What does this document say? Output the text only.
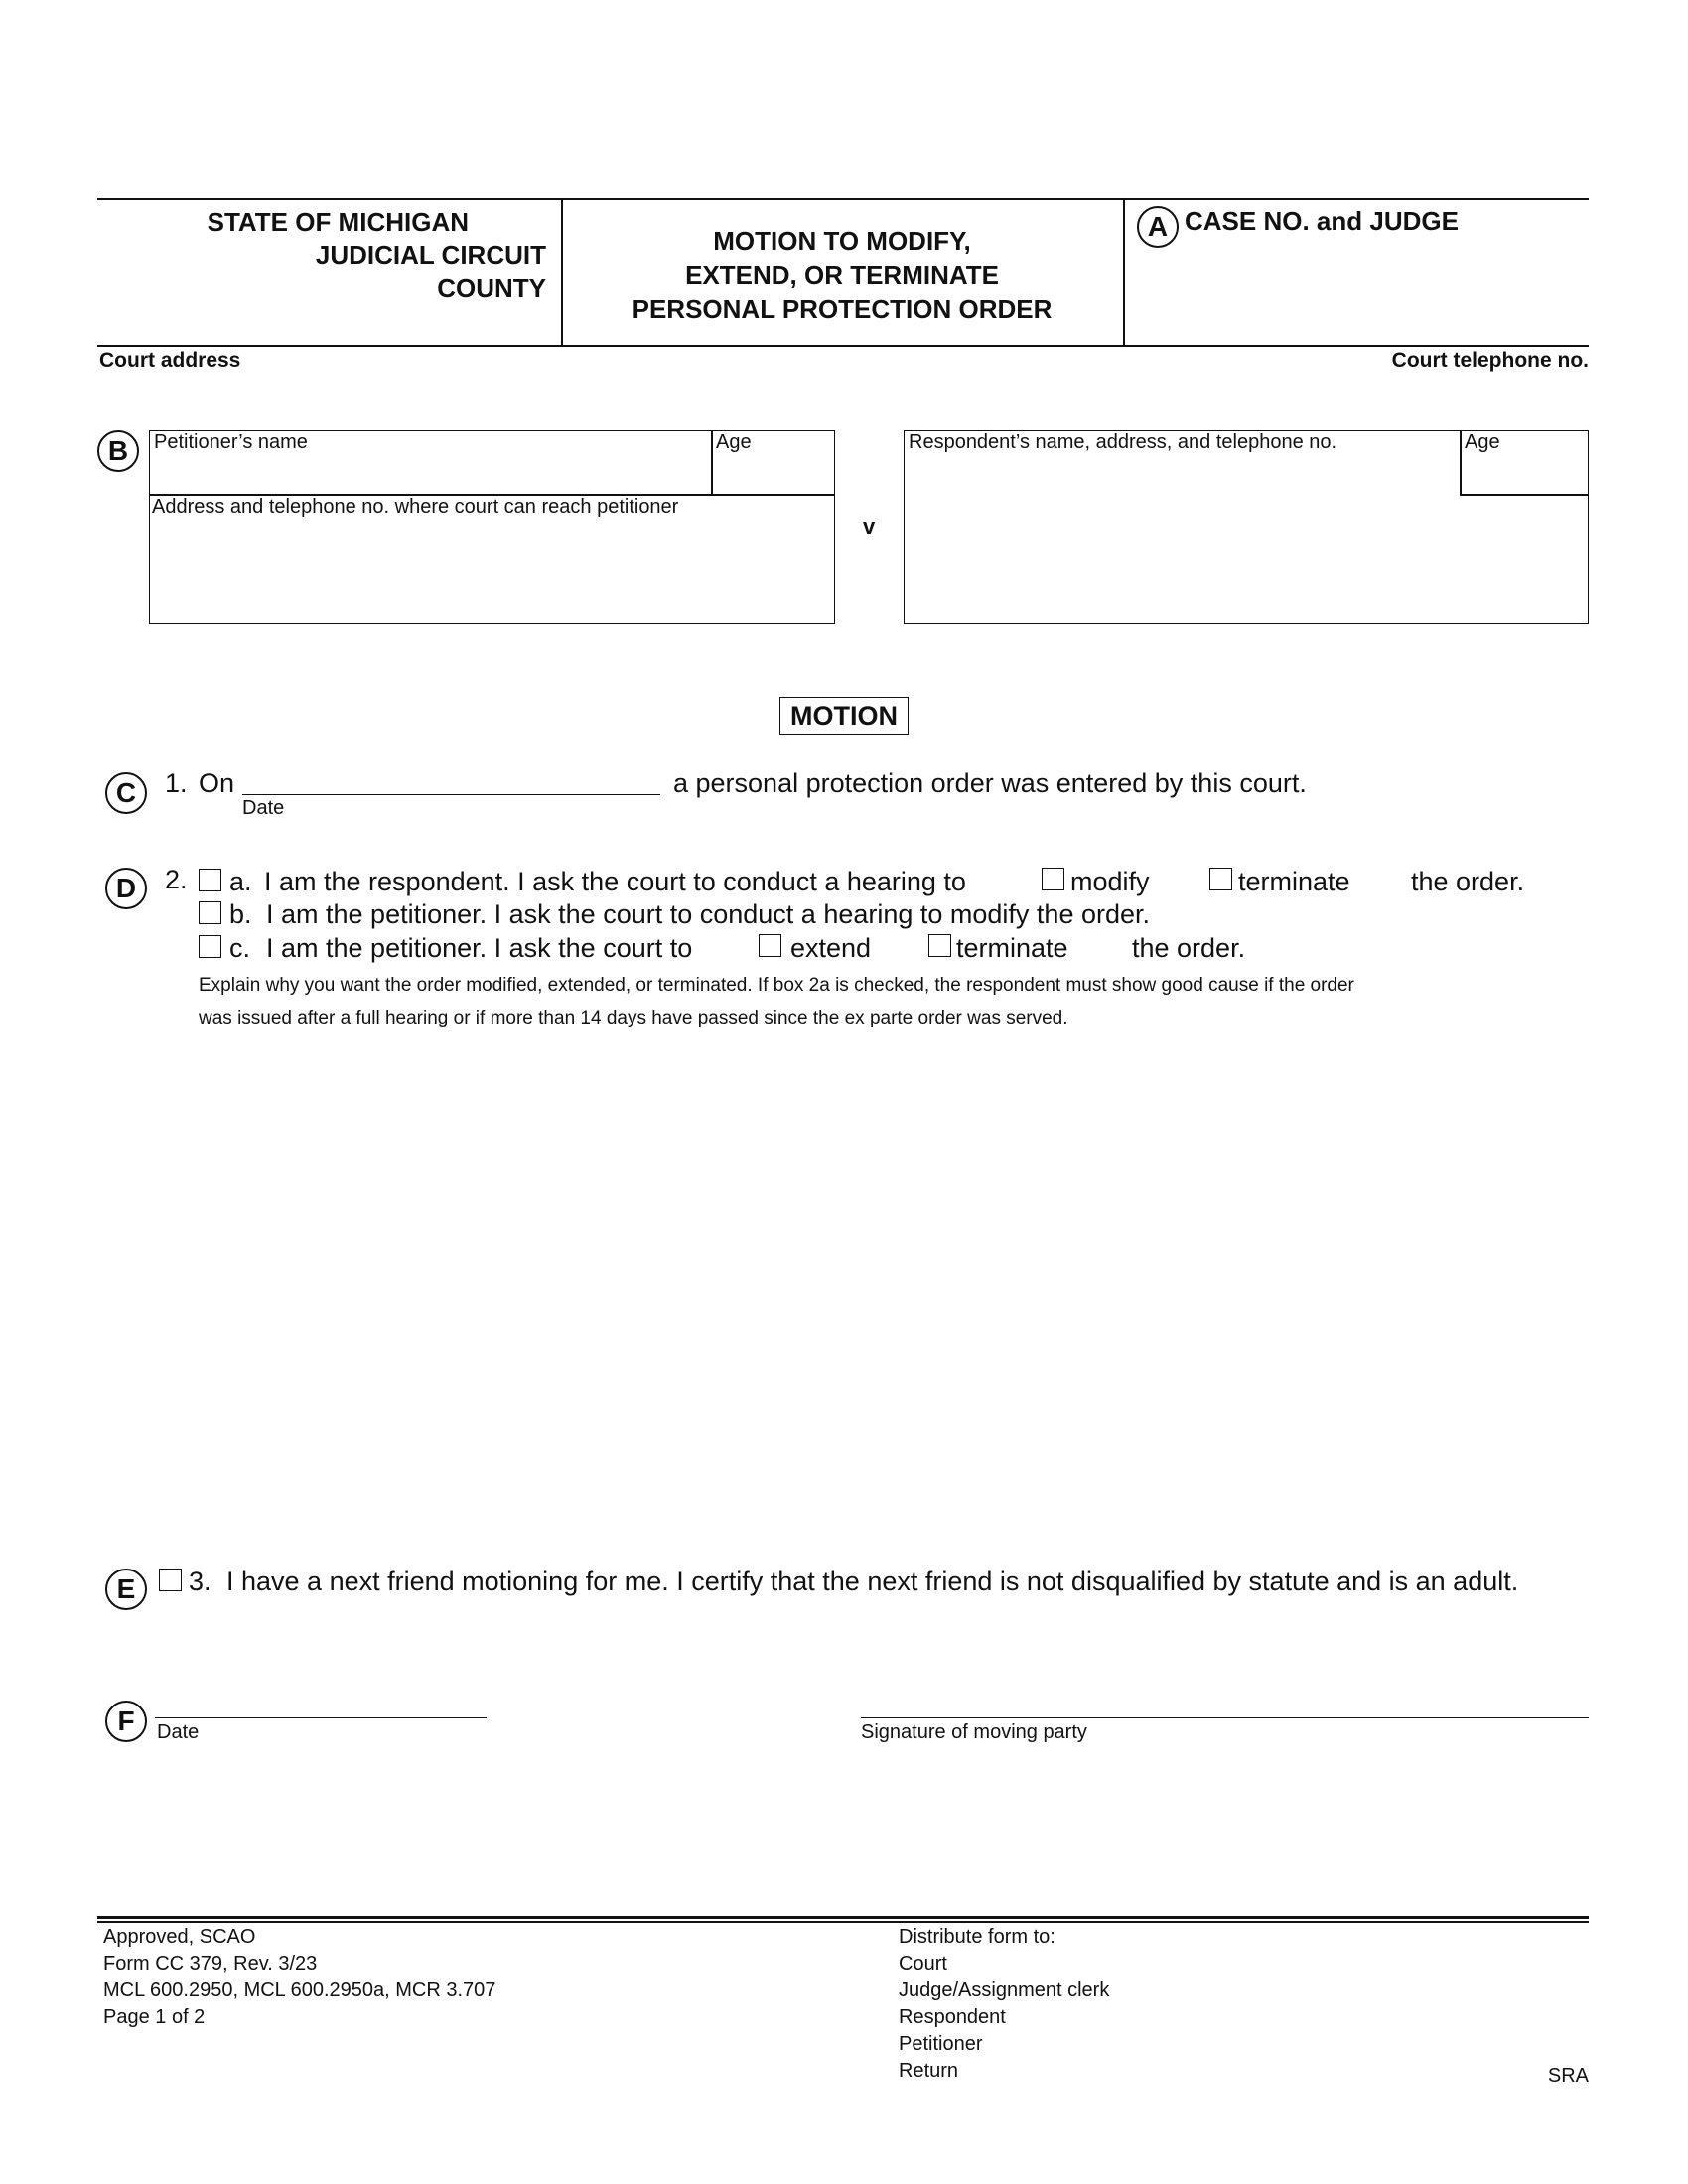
STATE OF MICHIGAN
JUDICIAL CIRCUIT
COUNTY
MOTION TO MODIFY,
EXTEND, OR TERMINATE
PERSONAL PROTECTION ORDER
A CASE NO. and JUDGE
Court address	Court telephone no.
B	Petitioner’s name	Age
Address and telephone no. where court can reach petitioner
v
Respondent’s name, address, and telephone no.	Age
MOTION
C	1. On
Date
a personal protection order was entered by this court.
D	2. a. I am the respondent. I ask the court to conduct a hearing to	modify	terminate the order.
b. I am the petitioner. I ask the court to conduct a hearing to modify the order.
c. I am the petitioner. I ask the court to	extend	terminate the order.
Explain why you want the order modified, extended, or terminated. If box 2a is checked, the respondent must show good cause if the order
was issued after a full hearing or if more than 14 days have passed since the ex parte order was served.
E	3. I have a next friend motioning for me. I certify that the next friend is not disqualified by statute and is an adult.
F	Date	Signature of moving party
Approved, SCAO
Form CC 379, Rev. 3/23
MCL 600.2950, MCL 600.2950a, MCR 3.707
Page 1 of 2
Distribute form to:
Court
Judge/Assignment clerk
Respondent
Petitioner
Return	SRA
